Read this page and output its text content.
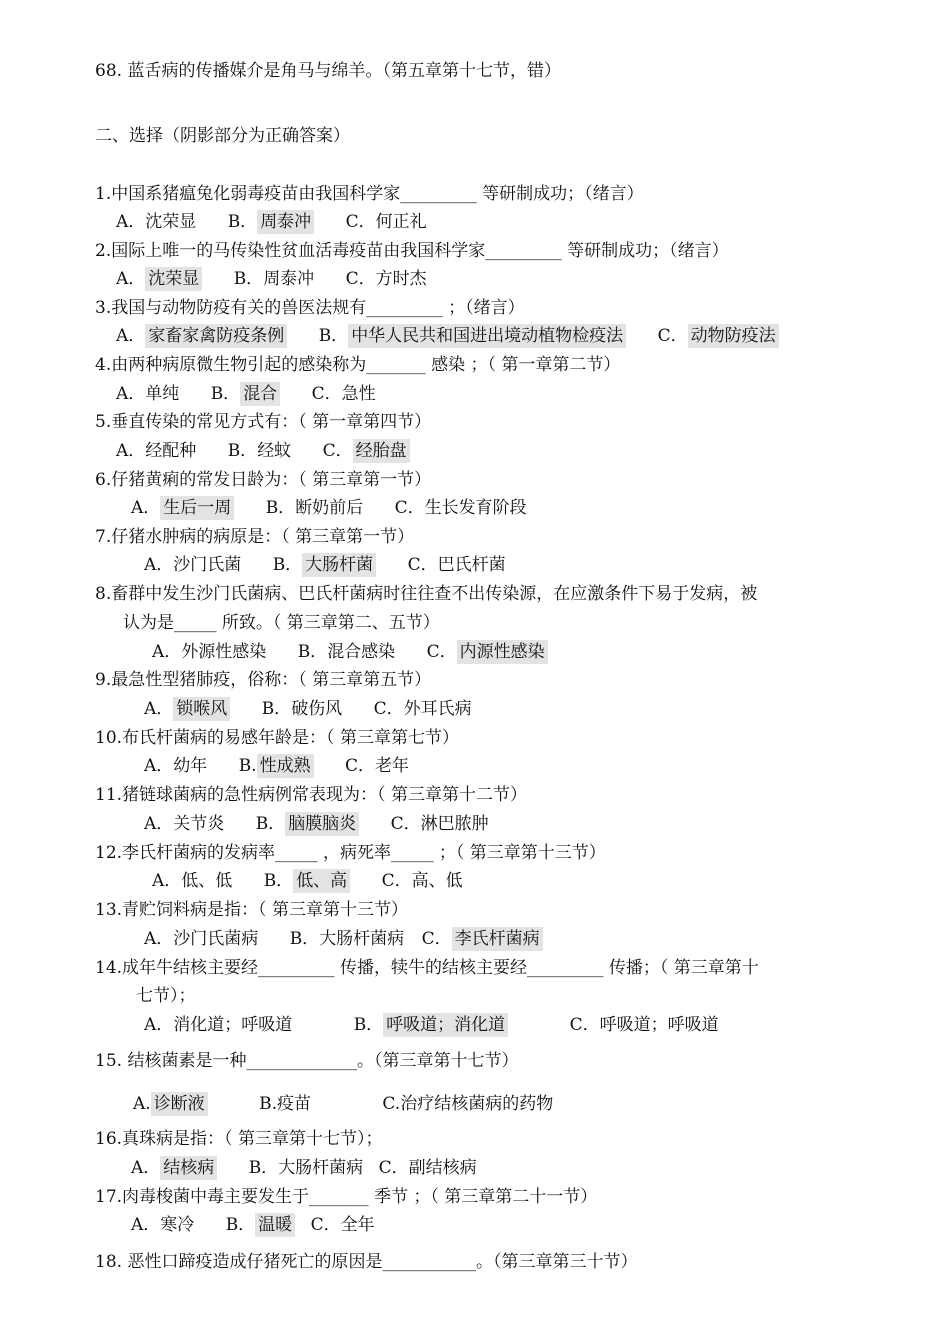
68. 蓝舌病的传播媒介是角马与绵羊。（第五章第十七节，错）
二、选择（阴影部分为正确答案）
1.中国系猪瘟兔化弱毒疫苗由我国科学家_________ 等研制成功；（绪言）
A．沈荣显 B． 周泰冲 C．何正礼
2.国际上唯一的马传染性贫血活毒疫苗由我国科学家_________ 等研制成功；（绪言）
A． 沈荣显 B．周泰冲 C．方时杰
3.我国与动物防疫有关的兽医法规有_________ ；（绪言）
A． 家畜家禽防疫条例 B． 中华人民共和国进出境动植物检疫法 C． 动物防疫法
4.由两种病原微生物引起的感染称为_______ 感染 ；（ 第一章第二节）
A．单纯 B． 混合 C．急性
5.垂直传染的常见方式有：（ 第一章第四节）
A．经配种 B．经蚊 C． 经胎盘
6.仔猪黄痢的常发日龄为：（ 第三章第一节）
A． 生后一周 B．断奶前后 C．生长发育阶段
7.仔猪水肿病的病原是：（ 第三章第一节）
A．沙门氏菌 B． 大肠杆菌 C．巴氏杆菌
8.畜群中发生沙门氏菌病、巴氏杆菌病时往往查不出传染源，在应激条件下易于发病，被
认为是_____ 所致。（ 第三章第二、五节）
A．外源性感染 B．混合感染 C． 内源性感染
9.最急性型猪肺疫，俗称：（ 第三章第五节）
A． 锁喉风 B．破伤风 C．外耳氏病
10.布氏杆菌病的易感年龄是：（ 第三章第七节）
A．幼年 B. 性成熟 C．老年
11.猪链球菌病的急性病例常表现为：（ 第三章第十二节）
A．关节炎 B． 脑膜脑炎 C．淋巴脓肿
12.李氏杆菌病的发病率_____ ，病死率_____ ；（ 第三章第十三节）
A．低、低 B． 低、高 C．高、低
13.青贮饲料病是指：（ 第三章第十三节）
A．沙门氏菌病 B．大肠杆菌病 C． 李氏杆菌病
14.成年牛结核主要经_________ 传播，犊牛的结核主要经_________ 传播；（ 第三章第十
七节）；
A．消化道；呼吸道	B． 呼吸道；消化道	C．呼吸道；呼吸道
15. 结核菌素是一种_____________。（第三章第十七节）
A. 诊断液	B.疫苗	C.治疗结核菌病的药物
16.真珠病是指：（ 第三章第十七节）；
A． 结核病 B．大肠杆菌病 C．副结核病
17.肉毒梭菌中毒主要发生于_______ 季节 ；（ 第三章第二十一节）
A．寒冷 B． 温暖 C．全年
18. 恶性口蹄疫造成仔猪死亡的原因是___________。（第三章第三十节）
